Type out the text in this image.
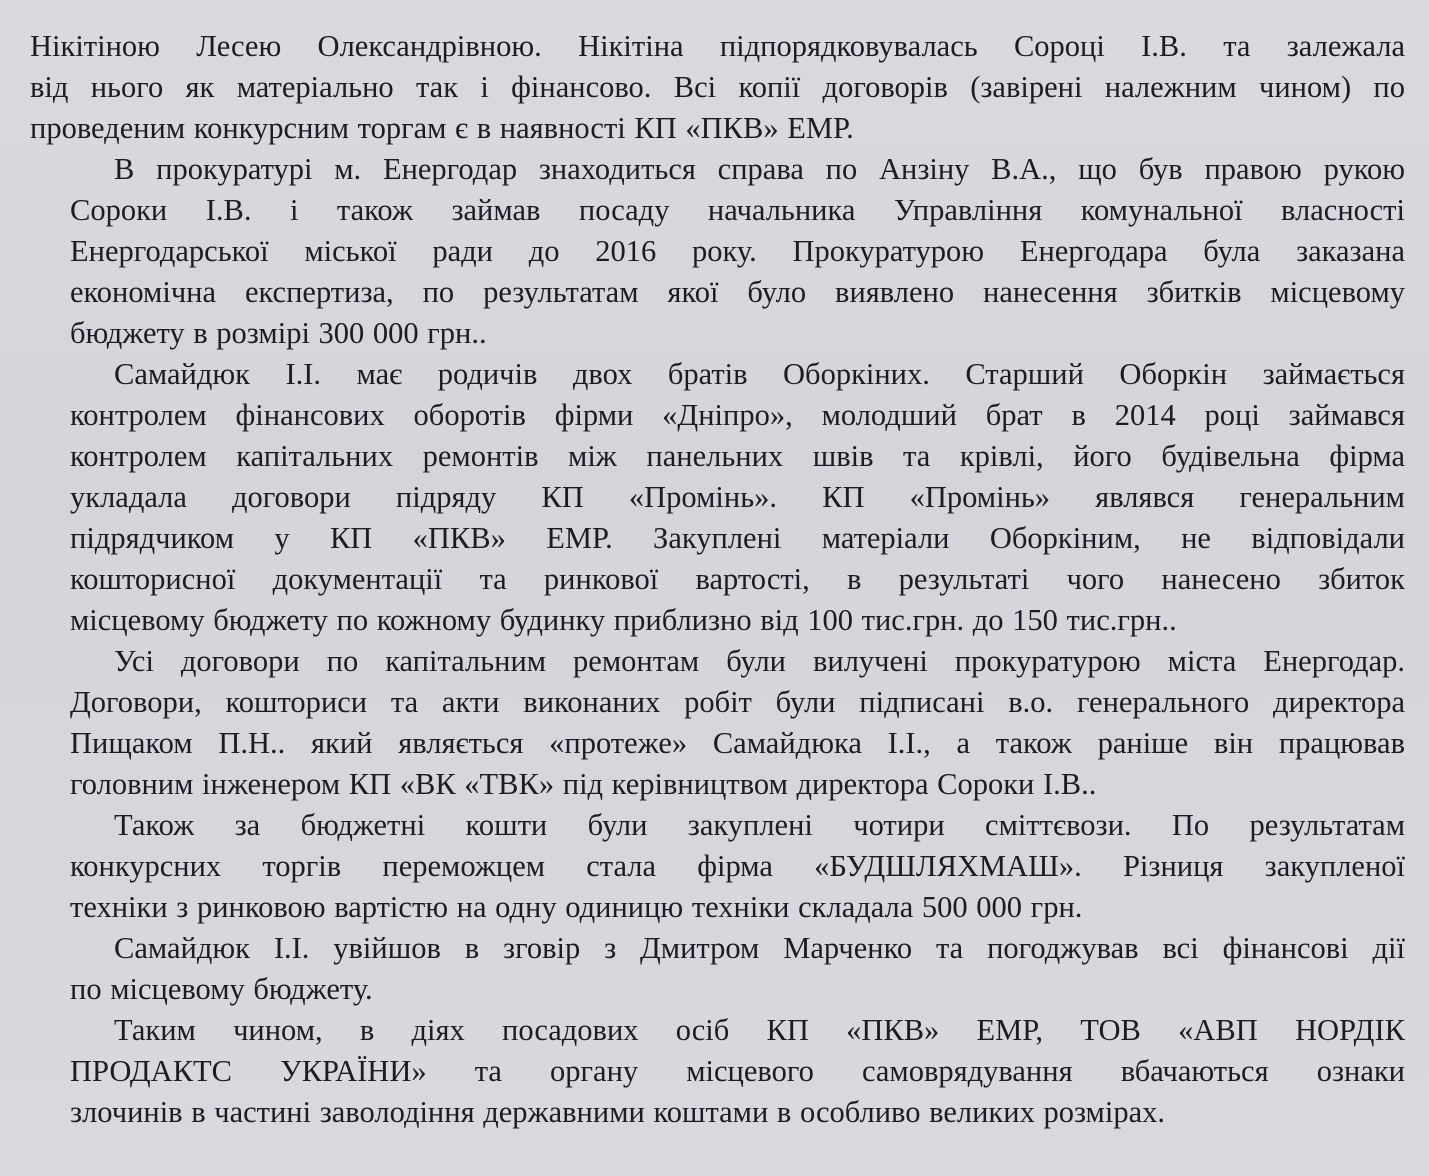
Нікітіною Лесею Олександрівною. Нікітіна підпорядковувалась Сороці І.В. та залежала
від нього як матеріально так і фінансово. Всі копії договорів (завірені належним чином) по
проведеним конкурсним торгам є в наявності КП «ПКВ» ЕМР.
В прокуратурі м. Енергодар знаходиться справа по Анзіну В.А., що був правою рукою
Сороки І.В. і також займав посаду начальника Управління комунальної власності
Енергодарської міської ради до 2016 року. Прокуратурою Енергодара була заказана
економічна експертиза, по результатам якої було виявлено нанесення збитків місцевому
бюджету в розмірі 300 000 грн..
Самайдюк І.І. має родичів двох братів Оборкіних. Старший Оборкін займається
контролем фінансових оборотів фірми «Дніпро», молодший брат в 2014 році займався
контролем капітальних ремонтів між панельних швів та крівлі, його будівельна фірма
укладала договори підряду КП «Промінь». КП «Промінь» являвся генеральним
підрядчиком у КП «ПКВ» ЕМР. Закуплені матеріали Оборкіним, не відповідали
кошторисної документації та ринкової вартості, в результаті чого нанесено збиток
місцевому бюджету по кожному будинку приблизно від 100 тис.грн. до 150 тис.грн..
Усі договори по капітальним ремонтам були вилучені прокуратурою міста Енергодар.
Договори, кошториси та акти виконаних робіт були підписані в.о. генерального директора
Пищаком П.Н.. який являється «протеже» Самайдюка І.І., а також раніше він працював
головним інженером КП «ВК «ТВК» під керівництвом директора Сороки І.В..
Також за бюджетні кошти були закуплені чотири сміттєвози. По результатам
конкурсних торгів переможцем стала фірма «БУДШЛЯХМАШ». Різниця закупленої
техніки з ринковою вартістю на одну одиницю техніки складала 500 000 грн.
Самайдюк І.І. увійшов в зговір з Дмитром Марченко та погоджував всі фінансові дії
по місцевому бюджету.
Таким чином, в діях посадових осіб КП «ПКВ» ЕМР, ТОВ «АВП НОРДІК
ПРОДАКТС УКРАЇНИ» та органу місцевого самоврядування вбачаються ознаки
злочинів в частині заволодіння державними коштами в особливо великих розмірах.
